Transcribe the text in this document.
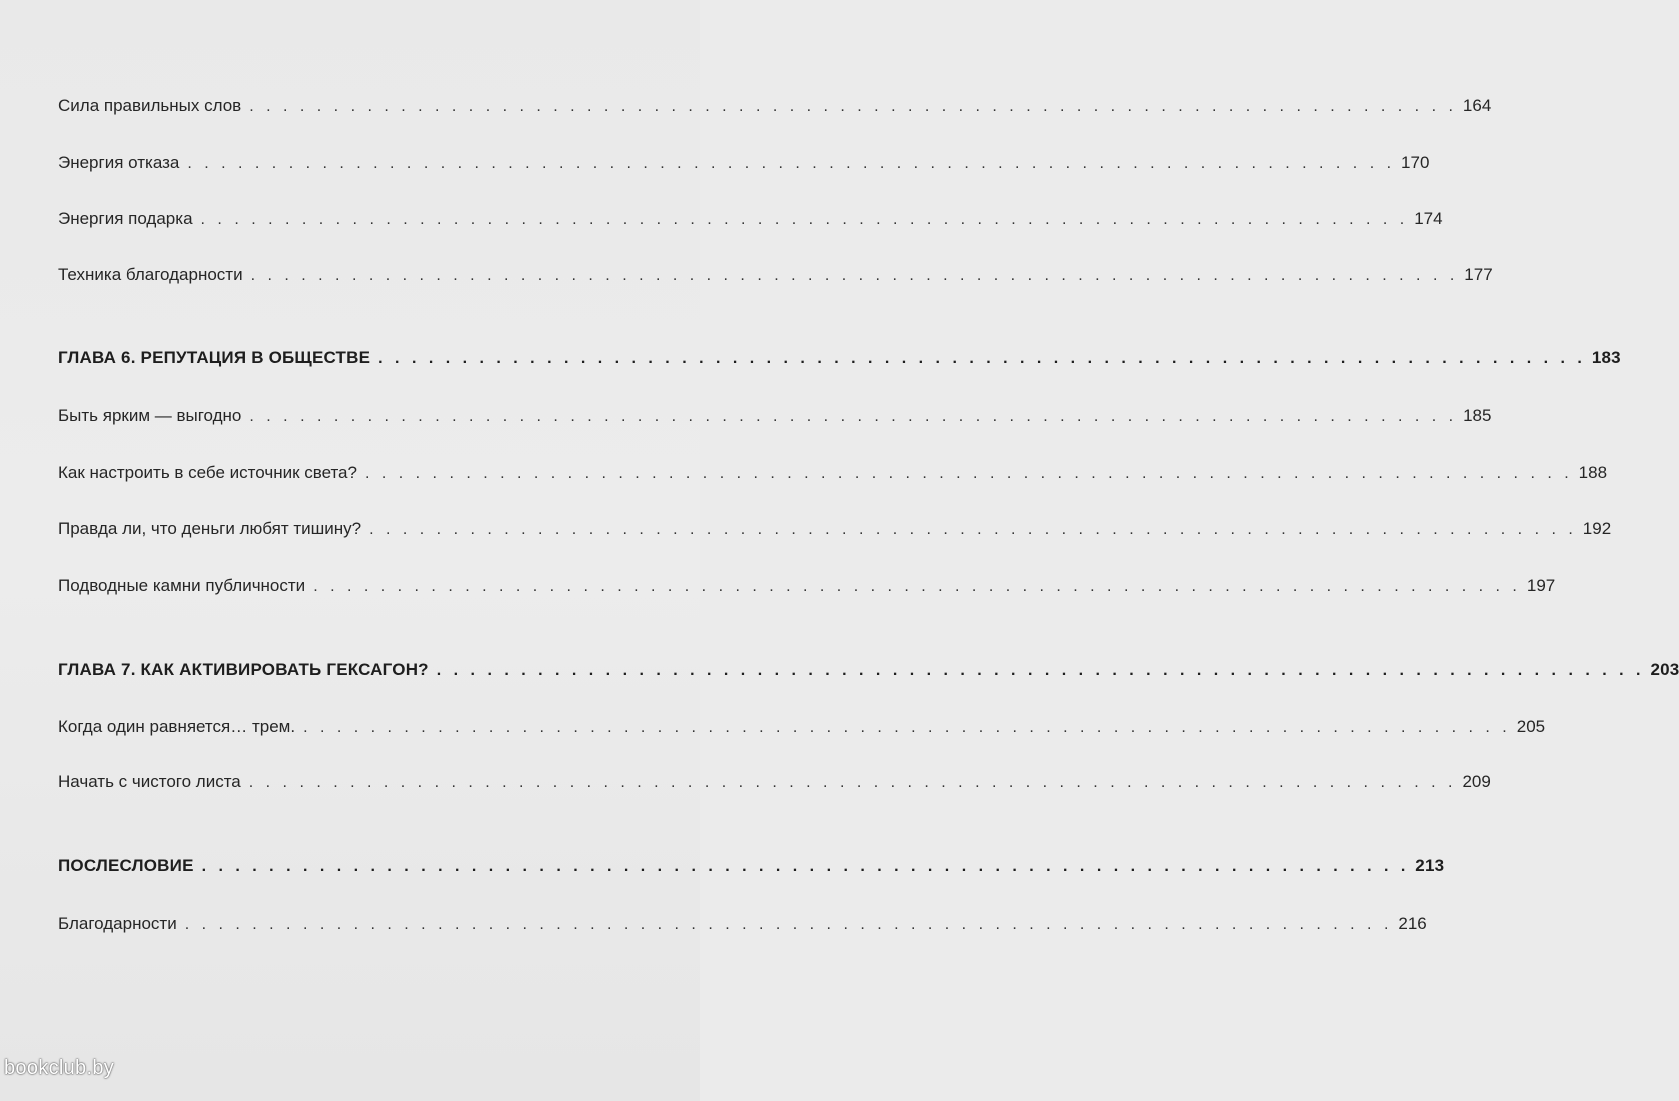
Сила правильных слов . . . . . . . . . . . . . . . . . . . . . . . . . . . . . . . . . . . . . . . . . . . . . . . . . . . . . . . . . . . . . . . . . . . . . . . . 164
Энергия отказа . . . . . . . . . . . . . . . . . . . . . . . . . . . . . . . . . . . . . . . . . . . . . . . . . . . . . . . . . . . . . . . . . . . . . . . . 170
Энергия подарка . . . . . . . . . . . . . . . . . . . . . . . . . . . . . . . . . . . . . . . . . . . . . . . . . . . . . . . . . . . . . . . . . . . . . . . . 174
Техника благодарности . . . . . . . . . . . . . . . . . . . . . . . . . . . . . . . . . . . . . . . . . . . . . . . . . . . . . . . . . . . . . . . . . . . . . . . . 177
ГЛАВА 6. РЕПУТАЦИЯ В ОБЩЕСТВЕ . . . . . . . . . . . . . . . . . . . . . . . . . . . . . . . . . . . . . . . . . . . . . . . . . . . . . . . . . . . . . . . . . . . . . . . . 183
Быть ярким — выгодно . . . . . . . . . . . . . . . . . . . . . . . . . . . . . . . . . . . . . . . . . . . . . . . . . . . . . . . . . . . . . . . . . . . . . . . . 185
Как настроить в себе источник света? . . . . . . . . . . . . . . . . . . . . . . . . . . . . . . . . . . . . . . . . . . . . . . . . . . . . . . . . . . . . . . . . . . . . . . . . 188
Правда ли, что деньги любят тишину? . . . . . . . . . . . . . . . . . . . . . . . . . . . . . . . . . . . . . . . . . . . . . . . . . . . . . . . . . . . . . . . . . . . . . . . . 192
Подводные камни публичности . . . . . . . . . . . . . . . . . . . . . . . . . . . . . . . . . . . . . . . . . . . . . . . . . . . . . . . . . . . . . . . . . . . . . . . . 197
ГЛАВА 7. КАК АКТИВИРОВАТЬ ГЕКСАГОН? . . . . . . . . . . . . . . . . . . . . . . . . . . . . . . . . . . . . . . . . . . . . . . . . . . . . . . . . . . . . . . . . . . . . . . . . 203
Когда один равняется… трем. . . . . . . . . . . . . . . . . . . . . . . . . . . . . . . . . . . . . . . . . . . . . . . . . . . . . . . . . . . . . . . . . . . . . . . . . 205
Начать с чистого листа . . . . . . . . . . . . . . . . . . . . . . . . . . . . . . . . . . . . . . . . . . . . . . . . . . . . . . . . . . . . . . . . . . . . . . . . 209
ПОСЛЕСЛОВИЕ . . . . . . . . . . . . . . . . . . . . . . . . . . . . . . . . . . . . . . . . . . . . . . . . . . . . . . . . . . . . . . . . . . . . . . . . 213
Благодарности . . . . . . . . . . . . . . . . . . . . . . . . . . . . . . . . . . . . . . . . . . . . . . . . . . . . . . . . . . . . . . . . . . . . . . . . 216
bookclub.by
